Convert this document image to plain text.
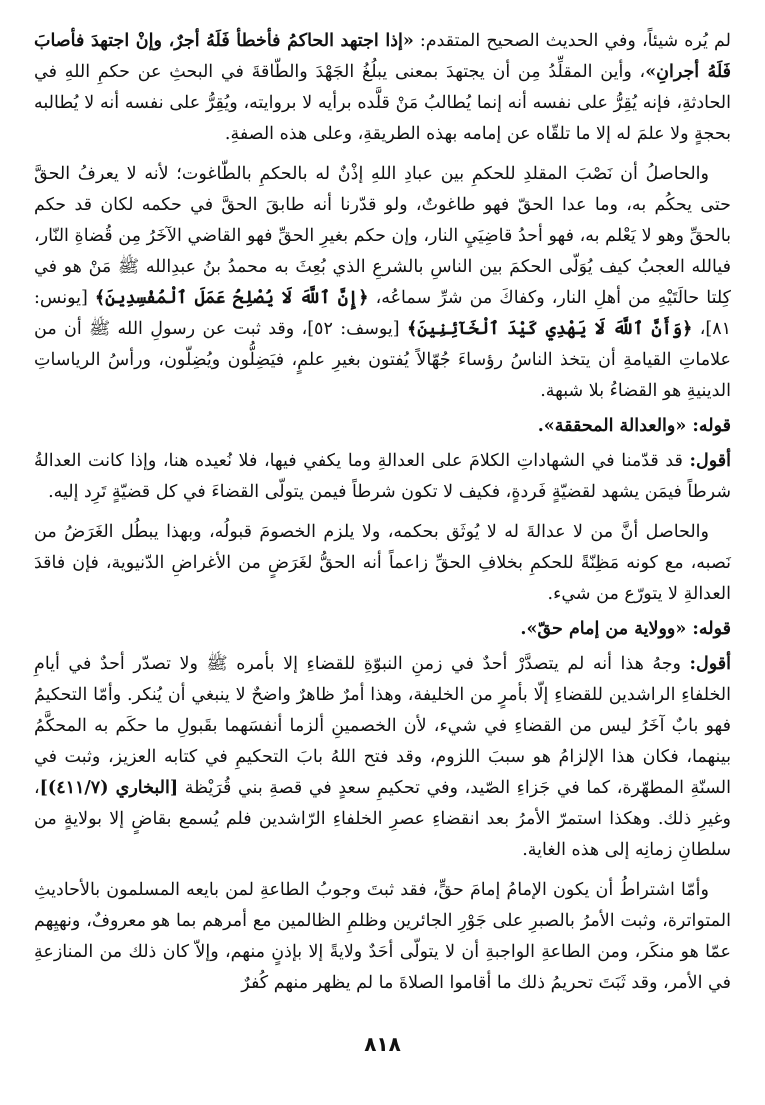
لم يُره شيئاً، وفي الحديث الصحيح المتقدم: «إذا اجتهد الحاكمُ فأخطأ فَلَهُ أجرٌ، وإنْ اجتهدَ فأصابَ فَلَهُ أجرانِ»، وأين المقلِّدُ مِن أن يجتهدَ بمعنى يبلُغُ الجَهْدَ والطّاقةَ في البحثِ عن حكمِ اللهِ في الحادثةِ، فإنه يُقِرُّ على نفسه أنه إنما يُطالبُ مَنْ قلَّده برأيه لا بروايته، ويُقِرُّ على نفسه أنه لا يُطالبه بحجةٍ ولا علمَ له إلا ما تلقّاه عن إمامه بهذه الطريقةِ، وعلى هذه الصفةِ.

والحاصلُ أن نَصْبَ المقلدِ للحكمِ بين عبادِ اللهِ إذْنٌ له بالحكمِ بالطّاغوت؛ لأنه لا يعرفُ الحقَّ حتى يحكُم به، وما عدا الحقّ فهو طاغوتٌ، ولو قدّرنا أنه طابقَ الحقَّ في حكمه لكان قد حكم بالحقِّ وهو لا يَعْلم به، فهو أحدُ قاضِيَيِ النار، وإن حكم بغيرِ الحقِّ فهو القاضي الآخَرُ مِن قُضاةِ النّار، فيالله العجبُ كيف يُوَلّى الحكمَ بين الناسِ بالشرعِ الذي بُعِثَ به محمدُ بنُ عبدِالله ﷺ مَنْ هو في كِلتا حالَتَيْهِ من أهلِ النار، وكفاكَ من شرِّ سماعُه، ﴿إِنَّ ٱللَّهَ لَا يُصْلِحُ عَمَلَ ٱلْمُفْسِدِينَ﴾ [يونس: ٨١]، ﴿وَأَنَّ ٱللَّهَ لَا يَهْدِي كَيْدَ ٱلْخَآئِنِينَ﴾ [يوسف: ٥٢]، وقد ثبت عن رسولِ الله ﷺ أن من علاماتِ القيامةِ أن يتخذ الناسُ رؤساءَ جُهّالاً يُفتون بغيرِ علمٍ، فيَضِلُّون ويُضِلّون، ورأسُ الرياساتِ الدينيةِ هو القضاءُ بلا شبهة.

قوله: «والعدالة المحققة».

أقول: قد قدّمنا في الشهاداتِ الكلامَ على العدالةِ وما يكفي فيها، فلا نُعيده هنا، وإذا كانت العدالةُ شرطاً فيمَن يشهد لقضيّةٍ فَردةٍ، فكيف لا تكون شرطاً فيمن يتولّى القضاءَ في كل قضيّةٍ تَرِد إليه.

والحاصل أنَّ من لا عدالةَ له لا يُوثَق بحكمه، ولا يلزم الخصومَ قبولُه، وبهذا يبطُل الغَرَضُ من نَصبه، مع كونه مَظِنّةً للحكمِ بخلافِ الحقِّ زاعماً أنه الحقُّ لغَرَضٍ من الأغراضِ الدّنيوية، فإن فاقدَ العدالةِ لا يتورّع من شيء.

قوله: «وولاية من إمام حقّ».

أقول: وجهُ هذا أنه لم يتصدَّرْ أحدٌ في زمنِ النبوّةِ للقضاءِ إلا بأمره ﷺ ولا تصدّر أحدٌ في أيامِ الخلفاءِ الراشدين للقضاءِ إلّا بأمرٍ من الخليفة، وهذا أمرٌ ظاهرٌ واضحٌ لا ينبغي أن يُنكر. وأمّا التحكيمُ فهو بابٌ آخَرُ ليس من القضاءِ في شيء، لأن الخصمينِ ألزما أنفسَهما بقَبولِ ما حكَم به المحكَّمُ بينهما، فكان هذا الإلزامُ هو سببَ اللزوم، وقد فتح اللهُ بابَ التحكيمِ في كتابه العزيز، وثبت في السنّةِ المطهّرة، كما في جَزاءِ الصّيد، وفي تحكيمِ سعدٍ في قصةِ بني قُرَيْظة [البخاري (٤١١/٧)]، وغيرِ ذلك. وهكذا استمرّ الأمرُ بعد انقضاءِ عصرِ الخلفاءِ الرّاشدين فلم يُسمع بقاضٍ إلا بولايةٍ من سلطانِ زمانِه إلى هذه الغاية.

وأمّا اشتراطُ أن يكون الإمامُ إمامَ حقٍّ، فقد ثبتَ وجوبُ الطاعةِ لمن بايعه المسلمون بالأحاديثِ المتواترة، وثبت الأمرُ بالصبرِ على جَوْرِ الجائرين وظلمِ الظالمين مع أمرهم بما هو معروفٌ، ونهيِهم عمّا هو منكَر، ومن الطاعةِ الواجبةِ أن لا يتولّى أحَدٌ ولايةً إلا بإذنٍ منهم، وإلاّ كان ذلك من المنازعةِ في الأمر، وقد ثَبَتَ تحريمُ ذلك ما أقاموا الصلاةَ ما لم يظهر منهم كُفرٌ

٨١٨
